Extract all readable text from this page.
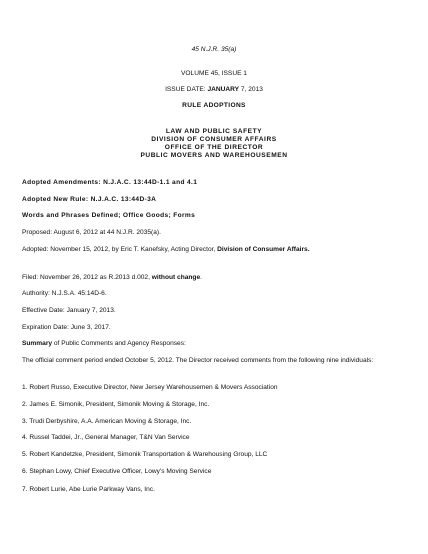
45 N.J.R. 35(a)
VOLUME 45, ISSUE 1
ISSUE DATE: JANUARY 7, 2013
RULE ADOPTIONS
LAW AND PUBLIC SAFETY
DIVISION OF CONSUMER AFFAIRS
OFFICE OF THE DIRECTOR
PUBLIC MOVERS AND WAREHOUSEMEN
Adopted Amendments: N.J.A.C. 13:44D-1.1 and 4.1
Adopted New Rule: N.J.A.C. 13:44D-3A
Words and Phrases Defined; Office Goods; Forms
Proposed: August 6, 2012 at 44 N.J.R. 2035(a).
Adopted: November 15, 2012, by Eric T. Kanefsky, Acting Director, Division of Consumer Affairs.
Filed: November 26, 2012 as R.2013 d.002, without change.
Authority: N.J.S.A. 45:14D-6.
Effective Date: January 7, 2013.
Expiration Date: June 3, 2017.
Summary of Public Comments and Agency Responses:
The official comment period ended October 5, 2012. The Director received comments from the following nine individuals:
1. Robert Russo, Executive Director, New Jersey Warehousemen & Movers Association
2. James E. Simonik, President, Simonik Moving & Storage, Inc.
3. Trudi Derbyshire, A.A. American Moving & Storage, Inc.
4. Russel Taddei, Jr., General Manager, T&N Van Service
5. Robert Kandetzke, President, Simonik Transportation & Warehousing Group, LLC
6. Stephan Lowy, Chief Executive Officer, Lowy's Moving Service
7. Robert Lurie, Abe Lurie Parkway Vans, Inc.
